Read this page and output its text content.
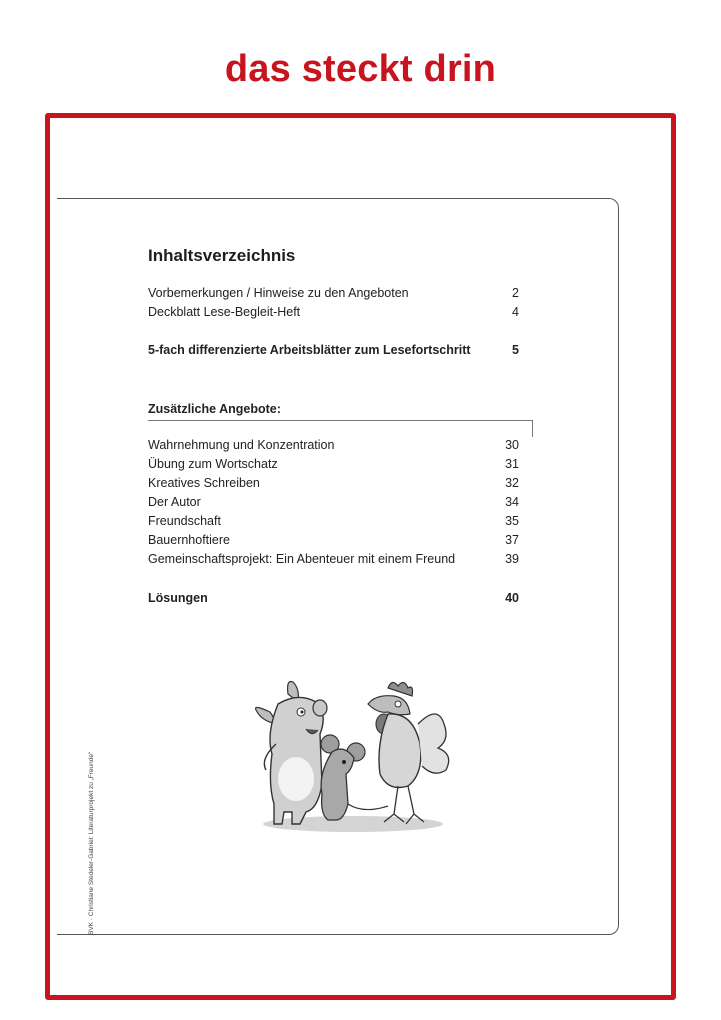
das steckt drin
Inhaltsverzeichnis
Vorbemerkungen / Hinweise zu den Angeboten	2
Deckblatt Lese-Begleit-Heft	4
5-fach differenzierte Arbeitsblätter zum Lesefortschritt	5
Zusätzliche Angebote:
Wahrnehmung und Konzentration	30
Übung zum Wortschatz	31
Kreatives Schreiben	32
Der Autor	34
Freundschaft	35
Bauernhoftiere	37
Gemeinschaftsprojekt: Ein Abenteuer mit einem Freund	39
Lösungen	40
BVK · Christiane Stedeler-Gabriel: Literaturprojekt zu „Freunde“
